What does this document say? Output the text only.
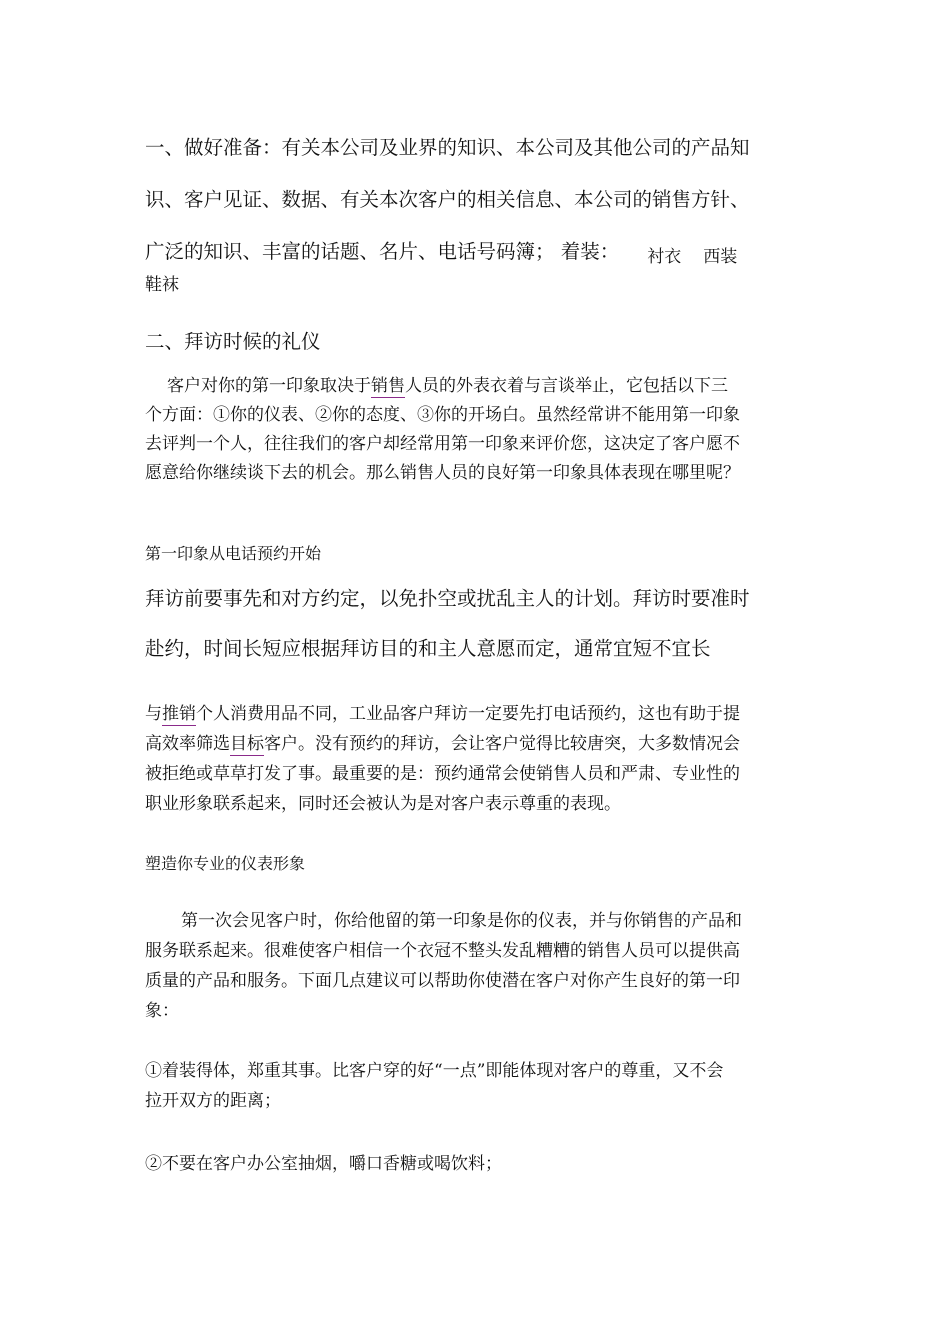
一、做好准备：有关本公司及业界的知识、本公司及其他公司的产品知
识、客户见证、数据、有关本次客户的相关信息、本公司的销售方针、
广泛的知识、丰富的话题、名片、电话号码簿； 着装： 衬衣 西装
鞋袜
二、拜访时候的礼仪
客户对你的第一印象取决于销售人员的外表衣着与言谈举止，它包括以下三
个方面：①你的仪表、②你的态度、③你的开场白。虽然经常讲不能用第一印象
去评判一个人，往往我们的客户却经常用第一印象来评价您，这决定了客户愿不
愿意给你继续谈下去的机会。那么销售人员的良好第一印象具体表现在哪里呢？
第一印象从电话预约开始
拜访前要事先和对方约定，以免扑空或扰乱主人的计划。拜访时要准时
赴约，时间长短应根据拜访目的和主人意愿而定，通常宜短不宜长
与推销个人消费用品不同，工业品客户拜访一定要先打电话预约，这也有助于提
高效率筛选目标客户。没有预约的拜访，会让客户觉得比较唐突，大多数情况会
被拒绝或草草打发了事。最重要的是：预约通常会使销售人员和严肃、专业性的
职业形象联系起来，同时还会被认为是对客户表示尊重的表现。
塑造你专业的仪表形象
第一次会见客户时，你给他留的第一印象是你的仪表，并与你销售的产品和
服务联系起来。很难使客户相信一个衣冠不整头发乱糟糟的销售人员可以提供高
质量的产品和服务。下面几点建议可以帮助你使潜在客户对你产生良好的第一印
象：
①着装得体，郑重其事。比客户穿的好“一点”即能体现对客户的尊重，又不会
拉开双方的距离；
②不要在客户办公室抽烟，嚼口香糖或喝饮料；
